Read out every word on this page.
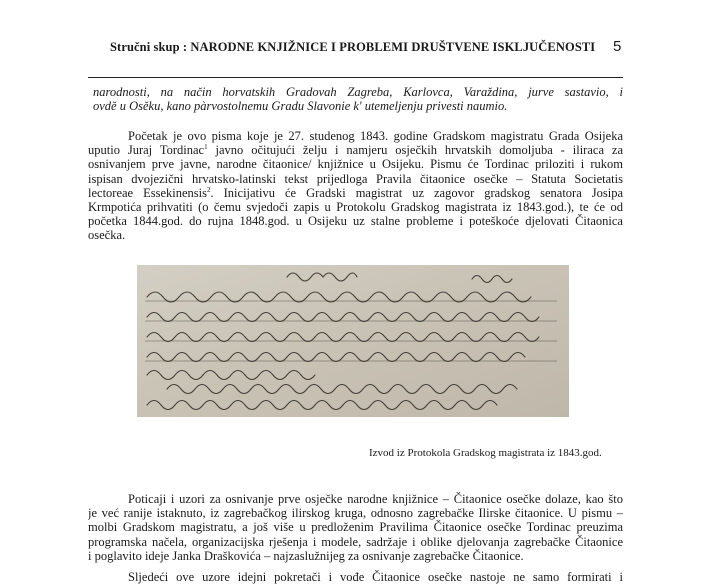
Stručni skup : NARODNE KNJIŽNICE I PROBLEMI DRUŠTVENE ISKLJUČENOSTI 5

narodnosti, na način horvatskih Gradovah Zagreba, Karlovca, Varaždina, jurve sastavio, i
ovdě u Osěku, kano pàrvostolnemu Gradu Slavonie k' utemeljenju privesti naumio.

Početak je ovo pisma koje je 27. studenog 1843. godine Gradskom magistratu Grada Osijeka
uputio Juraj Tordinac$^1$ javno očitujući želju i namjeru osječkih hrvatskih domoljuba - iliraca za
osnivanjem prve javne, narodne čitaonice/ knjižnice u Osijeku. Pismu će Tordinac priloziti i rukom
ispisan dvojezični hrvatsko-latinski tekst prijedloga Pravila čitaonice osečke – Statuta Societatis
lectoreae Essekinensis$^2$. Inicijativu će Gradski magistrat uz zagovor gradskog senatora Josipa
Krmpotića prihvatiti (o čemu svjedoči zapis u Protokolu Gradskog magistrata iz 1843.god.), te će od
početka 1844.god. do rujna 1848.god. u Osijeku uz stalne probleme i poteškoće djelovati Čitaonica
osečka.

Izvod iz Protokola Gradskog magistrata iz 1843.god.

Poticaji i uzori za osnivanje prve osječke narodne knjižnice – Čitaonice osečke dolaze, kao što
je već ranije istaknuto, iz zagrebačkog ilirskog kruga, odnosno zagrebačke Ilirske čitaonice. U pismu –
molbi Gradskom magistratu, a još više u predloženim Pravilima Čitaonice osečke Tordinac preuzima
programska načela, organizacijska rješenja i modele, sadržaje i oblike djelovanja zagrebačke Čitaonice
i poglavito ideje Janka Draškovića – najzaslužnijeg za osnivanje zagrebačke Čitaonice.

Sljedeći ove uzore idejni pokretači i vođe Čitaonice osečke nastoje ne samo formirati i
